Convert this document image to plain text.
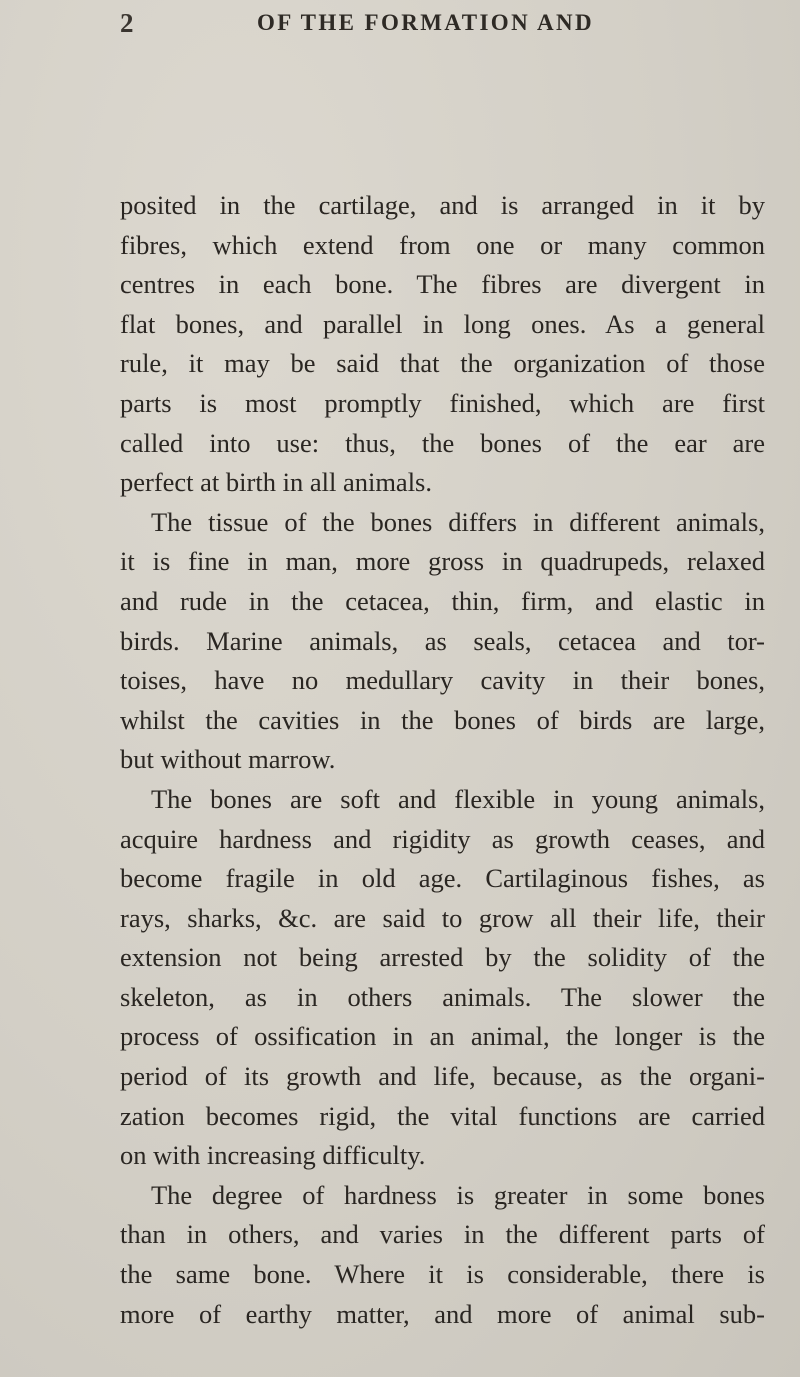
2	OF THE FORMATION AND
posited in the cartilage, and is arranged in it by
fibres, which extend from one or many common
centres in each bone. The fibres are divergent in
flat bones, and parallel in long ones. As a general
rule, it may be said that the organization of those
parts is most promptly finished, which are first
called into use: thus, the bones of the ear are
perfect at birth in all animals.
The tissue of the bones differs in different animals,
it is fine in man, more gross in quadrupeds, relaxed
and rude in the cetacea, thin, firm, and elastic in
birds. Marine animals, as seals, cetacea and tor-
toises, have no medullary cavity in their bones,
whilst the cavities in the bones of birds are large,
but without marrow.
The bones are soft and flexible in young animals,
acquire hardness and rigidity as growth ceases, and
become fragile in old age. Cartilaginous fishes, as
rays, sharks, &c. are said to grow all their life, their
extension not being arrested by the solidity of the
skeleton, as in others animals. The slower the
process of ossification in an animal, the longer is the
period of its growth and life, because, as the organi-
zation becomes rigid, the vital functions are carried
on with increasing difficulty.
The degree of hardness is greater in some bones
than in others, and varies in the different parts of
the same bone. Where it is considerable, there is
more of earthy matter, and more of animal sub-
